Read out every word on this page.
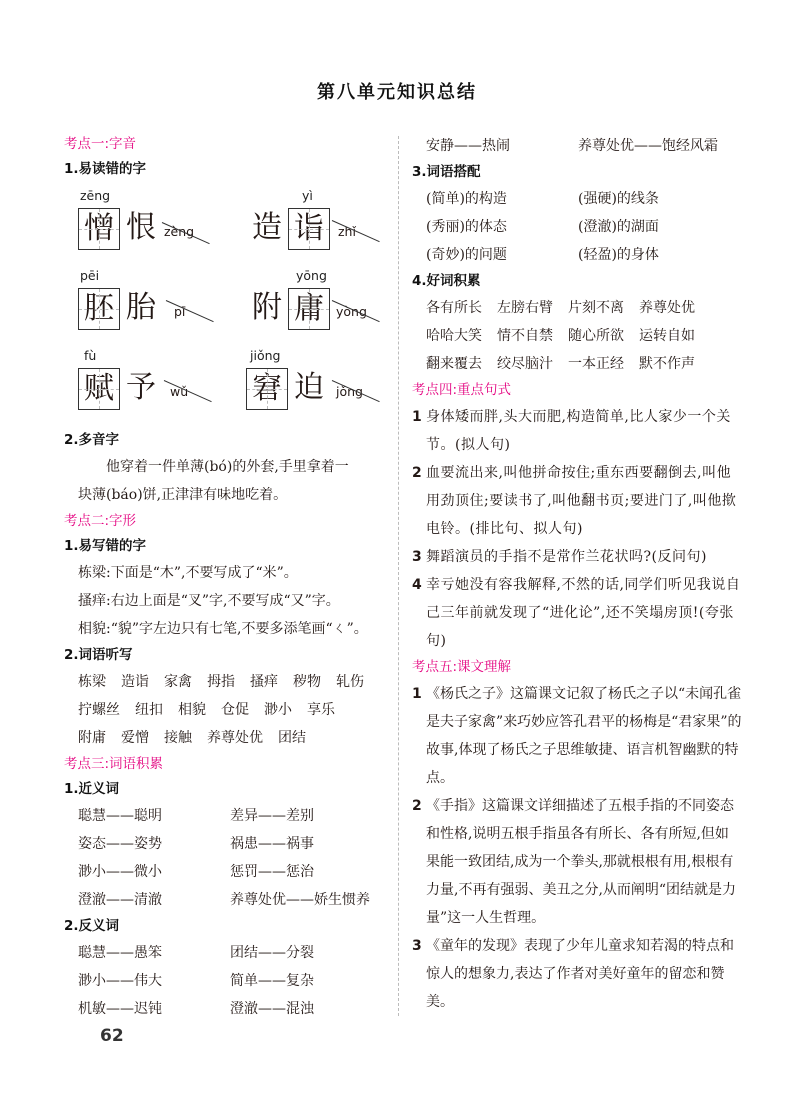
第八单元知识总结
考点一:字音
1.易读错的字
zēng
憎 恨 zèng
yì
造 诣	zhǐ
pēi
胚 胎	pī
yōng
附 庸 yòng
fù
赋 予	wǔ
jiǒng
窘 迫 jǒng
2.多音字
他穿着一件单薄(bó)的外套,手里拿着一
块薄(báo)饼,正津津有味地吃着。
考点二:字形
1.易写错的字
栋梁:下面是“木”,不要写成了“米”。
搔痒:右边上面是“叉”字,不要写成“又”字。
相貌:“貌”字左边只有七笔,不要多添笔画“ㄑ”。
2.词语听写
栋梁 造诣 家禽 拇指 搔痒 秽物 轧伤
拧螺丝 纽扣 相貌 仓促 渺小 享乐
附庸 爱憎 接触 养尊处优 团结
考点三:词语积累
1.近义词
聪慧——聪明	差异——差别
姿态——姿势	祸患——祸事
渺小——微小	惩罚——惩治
澄澈——清澈	养尊处优——娇生惯养
2.反义词
聪慧——愚笨	团结——分裂
渺小——伟大	简单——复杂
机敏——迟钝	澄澈——混浊
安静——热闹	养尊处优——饱经风霜
3.词语搭配
(简单)的构造	(强硬)的线条
(秀丽)的体态	(澄澈)的湖面
(奇妙)的问题	(轻盈)的身体
4.好词积累
各有所长 左膀右臂 片刻不离 养尊处优
哈哈大笑 情不自禁 随心所欲 运转自如
翻来覆去 绞尽脑汁 一本正经 默不作声
考点四:重点句式
1 身体矮而胖,头大而肥,构造简单,比人家少一个关节。(拟人句)
2 血要流出来,叫他拼命按住;重东西要翻倒去,叫他用劲顶住;要读书了,叫他翻书页;要进门了,叫他揿电铃。(排比句、拟人句)
3 舞蹈演员的手指不是常作兰花状吗?(反问句)
4 幸亏她没有容我解释,不然的话,同学们听见我说自己三年前就发现了“进化论”,还不笑塌房顶!(夸张句)
考点五:课文理解
1 《杨氏之子》这篇课文记叙了杨氏之子以“未闻孔雀是夫子家禽”来巧妙应答孔君平的杨梅是“君家果”的故事,体现了杨氏之子思维敏捷、语言机智幽默的特点。
2 《手指》这篇课文详细描述了五根手指的不同姿态和性格,说明五根手指虽各有所长、各有所短,但如果能一致团结,成为一个拳头,那就根根有用,根根有力量,不再有强弱、美丑之分,从而阐明“团结就是力量”这一人生哲理。
3 《童年的发现》表现了少年儿童求知若渴的特点和惊人的想象力,表达了作者对美好童年的留恋和赞美。
62
